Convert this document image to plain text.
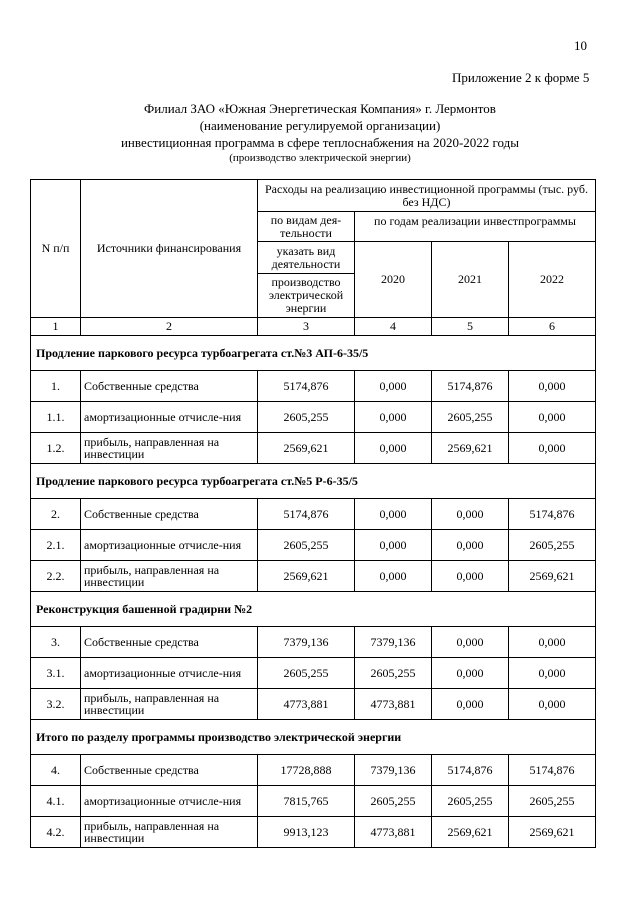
10
Приложение 2 к форме 5
Филиал ЗАО «Южная Энергетическая Компания» г. Лермонтов
(наименование регулируемой организации)
инвестиционная программа в сфере теплоснабжения на 2020-2022 годы
(производство электрической энергии)
N п/п	Источники финансирования	Расходы на реализацию инвестиционной программы (тыс. руб. без НДС)			
		по видам дея-тельности	по годам реализации инвестпрограммы		
		указать вид деятельности	2020	2021	2022
		производство электрической энергии			
1	2	3	4	5	6
Продление паркового ресурса турбоагрегата ст.№3 АП-6-35/5					
1.	Собственные средства	5174,876	0,000	5174,876	0,000
1.1.	амортизационные отчисле-ния	2605,255	0,000	2605,255	0,000
1.2.	прибыль, направленная на инвестиции	2569,621	0,000	2569,621	0,000
Продление паркового ресурса турбоагрегата ст.№5 Р-6-35/5					
2.	Собственные средства	5174,876	0,000	0,000	5174,876
2.1.	амортизационные отчисле-ния	2605,255	0,000	0,000	2605,255
2.2.	прибыль, направленная на инвестиции	2569,621	0,000	0,000	2569,621
Реконструкция башенной градирни №2					
3.	Собственные средства	7379,136	7379,136	0,000	0,000
3.1.	амортизационные отчисле-ния	2605,255	2605,255	0,000	0,000
3.2.	прибыль, направленная на инвестиции	4773,881	4773,881	0,000	0,000
Итого по разделу программы производство электрической энергии					
4.	Собственные средства	17728,888	7379,136	5174,876	5174,876
4.1.	амортизационные отчисле-ния	7815,765	2605,255	2605,255	2605,255
4.2.	прибыль, направленная на инвестиции	9913,123	4773,881	2569,621	2569,621
